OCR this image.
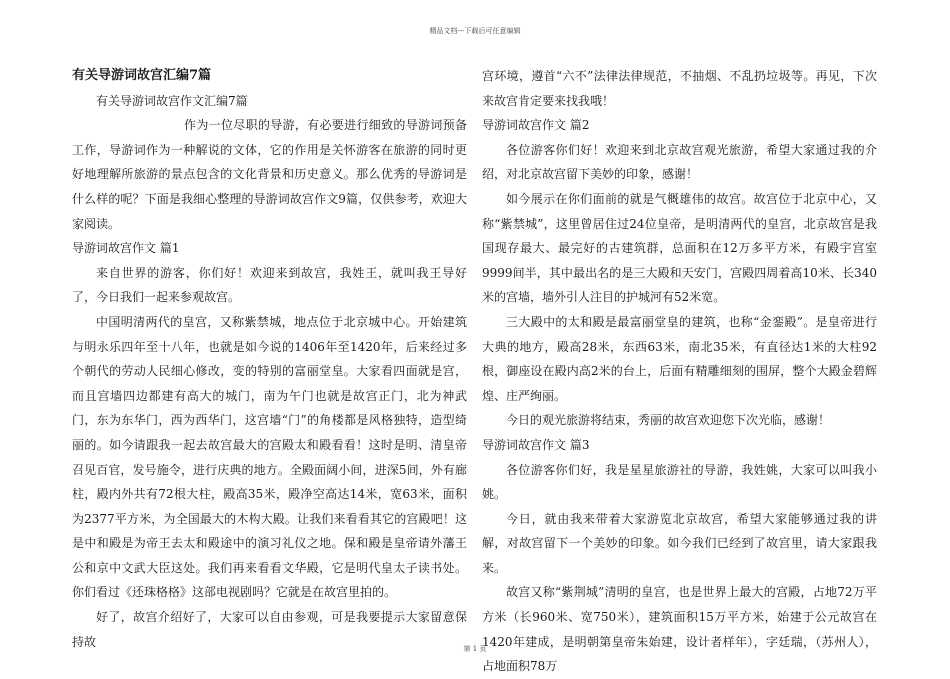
精品文档---下载后可任意编辑

有关导游词故宫汇编7篇

有关导游词故宫作文汇编7篇

作为一位尽职的导游，有必要进行细致的导游词预备工作，导游词作为一种解说的文体，它的作用是关怀游客在旅游的同时更好地理解所旅游的景点包含的文化背景和历史意义。那么优秀的导游词是什么样的呢？下面是我细心整理的导游词故宫作文9篇，仅供参考，欢迎大家阅读。

导游词故宫作文 篇1

来自世界的游客，你们好！欢迎来到故宫，我姓王，就叫我王导好了，今日我们一起来参观故宫。

中国明清两代的皇宫，又称紫禁城，地点位于北京城中心。开始建筑与明永乐四年至十八年，也就是如今说的1406年至1420年，后来经过多个朝代的劳动人民细心修改，变的特别的富丽堂皇。大家看四面就是宫，而且宫墙四边都建有高大的城门，南为午门也就是故宫正门，北为神武门，东为东华门，西为西华门，这宫墙“门”的角楼都是风格独特，造型绮丽的。如今请跟我一起去故宫最大的宫殿太和殿看看！这时是明、清皇帝召见百官，发号施令，进行庆典的地方。全殿面阔小间，进深5间，外有廊柱，殿内外共有72根大柱，殿高35米，殿净空高达14米，宽63米，面积为2377平方米，为全国最大的木构大殿。让我们来看看其它的宫殿吧！这是中和殿是为帝王去太和殿途中的演习礼仪之地。保和殿是皇帝请外藩王公和京中文武大臣这处。我们再来看看文华殿，它是明代皇太子读书处。你们看过《还珠格格》这部电视剧吗？它就是在故宫里拍的。

好了，故宫介绍好了，大家可以自由参观，可是我要提示大家留意保持故

宫环境，遵首“六不”法律法律规范，不抽烟、不乱扔垃圾等。再见，下次来故宫肯定要来找我哦！

导游词故宫作文 篇2

各位游客你们好！欢迎来到北京故宫观光旅游，希望大家通过我的介绍，对北京故宫留下美妙的印象，感谢！

如今展示在你们面前的就是气概雄伟的故宫。故宫位于北京中心，又称“紫禁城”，这里曾居住过24位皇帝，是明清两代的皇宫，北京故宫是我国现存最大、最完好的古建筑群，总面积在12万多平方米，有殿宇宫室9999间半，其中最出名的是三大殿和天安门，宫殿四周着高10米、长340米的宫墙，墙外引人注目的护城河有52米宽。

三大殿中的太和殿是最富丽堂皇的建筑，也称“金銮殿”。是皇帝进行大典的地方，殿高28米，东西63米，南北35米，有直径达1米的大柱92根，御座设在殿内高2米的台上，后面有精雕细刻的围屏，整个大殿金碧辉煌、庄严绚丽。

今日的观光旅游将结束，秀丽的故宫欢迎您下次光临，感谢！

导游词故宫作文 篇3

各位游客你们好，我是星星旅游社的导游，我姓姚，大家可以叫我小姚。

今日，就由我来带着大家游览北京故宫，希望大家能够通过我的讲解，对故宫留下一个美妙的印象。如今我们已经到了故宫里，请大家跟我来。

故宫又称“紫荆城”清明的皇宫，也是世界上最大的宫殿，占地72万平方米（长960米、宽750米），建筑面积15万平方米，始建于公元故宫在1420年建成，是明朝第皇帝朱始建，设计者样年），字廷瑞，（苏州人），占地面积78万

第 1 页
